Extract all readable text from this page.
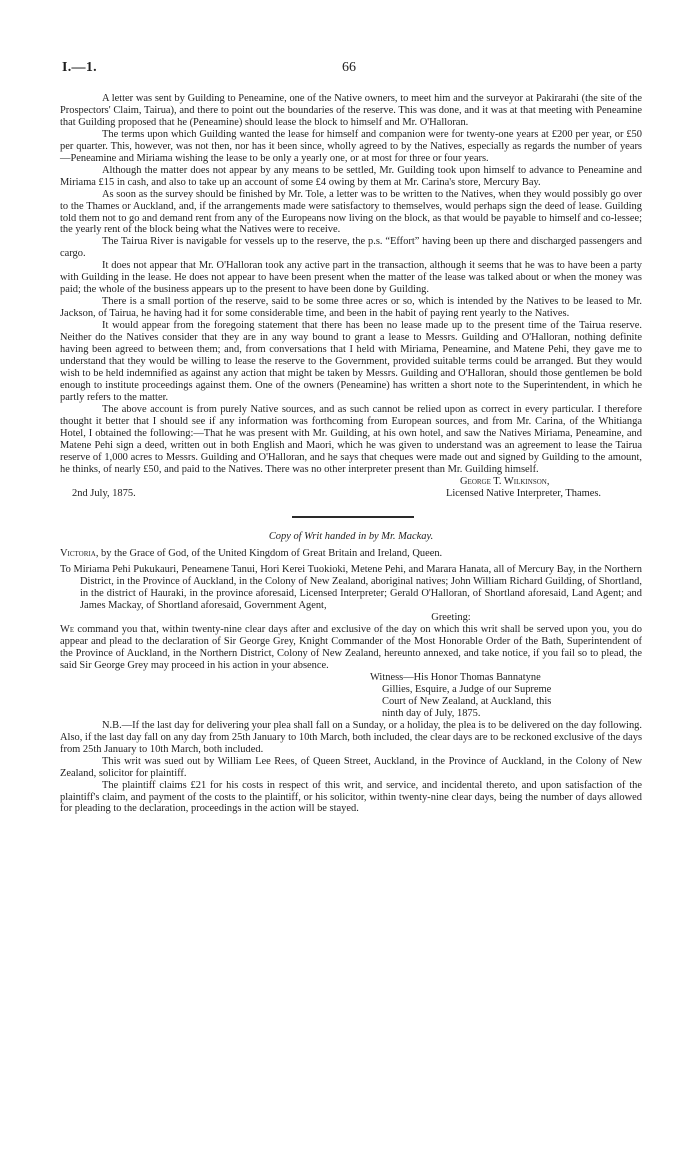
I.—1.	66

A letter was sent by Guilding to Peneamine, one of the Native owners, to meet him and the surveyor at Pakirarahi (the site of the Prospectors' Claim, Tairua), and there to point out the boundaries of the reserve. This was done, and it was at that meeting with Peneamine that Guilding proposed that he (Peneamine) should lease the block to himself and Mr. O'Halloran.

The terms upon which Guilding wanted the lease for himself and companion were for twenty-one years at £200 per year, or £50 per quarter. This, however, was not then, nor has it been since, wholly agreed to by the Natives, especially as regards the number of years—Peneamine and Miriama wishing the lease to be only a yearly one, or at most for three or four years.

Although the matter does not appear by any means to be settled, Mr. Guilding took upon himself to advance to Peneamine and Miriama £15 in cash, and also to take up an account of some £4 owing by them at Mr. Carina's store, Mercury Bay.

As soon as the survey should be finished by Mr. Tole, a letter was to be written to the Natives, when they would possibly go over to the Thames or Auckland, and, if the arrangements made were satisfactory to themselves, would perhaps sign the deed of lease. Guilding told them not to go and demand rent from any of the Europeans now living on the block, as that would be payable to himself and co-lessee; the yearly rent of the block being what the Natives were to receive.

The Tairua River is navigable for vessels up to the reserve, the p.s. “Effort” having been up there and discharged passengers and cargo.

It does not appear that Mr. O'Halloran took any active part in the transaction, although it seems that he was to have been a party with Guilding in the lease. He does not appear to have been present when the matter of the lease was talked about or when the money was paid; the whole of the business appears up to the present to have been done by Guilding.

There is a small portion of the reserve, said to be some three acres or so, which is intended by the Natives to be leased to Mr. Jackson, of Tairua, he having had it for some considerable time, and been in the habit of paying rent yearly to the Natives.

It would appear from the foregoing statement that there has been no lease made up to the present time of the Tairua reserve. Neither do the Natives consider that they are in any way bound to grant a lease to Messrs. Guilding and O'Halloran, nothing definite having been agreed to between them; and, from conversations that I held with Miriama, Peneamine, and Matene Pehi, they gave me to understand that they would be willing to lease the reserve to the Government, provided suitable terms could be arranged. But they would wish to be held indemnified as against any action that might be taken by Messrs. Guilding and O'Halloran, should those gentlemen be bold enough to institute proceedings against them. One of the owners (Peneamine) has written a short note to the Superintendent, in which he partly refers to the matter.

The above account is from purely Native sources, and as such cannot be relied upon as correct in every particular. I therefore thought it better that I should see if any information was forthcoming from European sources, and from Mr. Carina, of the Whitianga Hotel, I obtained the following:—That he was present with Mr. Guilding, at his own hotel, and saw the Natives Miriama, Peneamine, and Matene Pehi sign a deed, written out in both English and Maori, which he was given to understand was an agreement to lease the Tairua reserve of 1,000 acres to Messrs. Guilding and O'Halloran, and he says that cheques were made out and signed by Guilding to the amount, he thinks, of nearly £50, and paid to the Natives. There was no other interpreter present than Mr. Guilding himself.

George T. Wilkinson,
2nd July, 1875.	Licensed Native Interpreter, Thames.
Copy of Writ handed in by Mr. Mackay.

Victoria, by the Grace of God, of the United Kingdom of Great Britain and Ireland, Queen.

To Miriama Pehi Pukukauri, Peneamene Tanui, Hori Kerei Tuokioki, Metene Pehi, and Marara Hanata, all of Mercury Bay, in the Northern District, in the Province of Auckland, in the Colony of New Zealand, aboriginal natives; John William Richard Guilding, of Shortland, in the district of Hauraki, in the province aforesaid, Licensed Interpreter; Gerald O'Halloran, of Shortland aforesaid, Land Agent; and James Mackay, of Shortland aforesaid, Government Agent,

Greeting:

We command you that, within twenty-nine clear days after and exclusive of the day on which this writ shall be served upon you, you do appear and plead to the declaration of Sir George Grey, Knight Commander of the Most Honorable Order of the Bath, Superintendent of the Province of Auckland, in the Northern District, Colony of New Zealand, hereunto annexed, and take notice, if you fail so to plead, the said Sir George Grey may proceed in his action in your absence.

Witness—His Honor Thomas Bannatyne
Gillies, Esquire, a Judge of our Supreme
Court of New Zealand, at Auckland, this
ninth day of July, 1875.

N.B.—If the last day for delivering your plea shall fall on a Sunday, or a holiday, the plea is to be delivered on the day following. Also, if the last day fall on any day from 25th January to 10th March, both included, the clear days are to be reckoned exclusive of the days from 25th January to 10th March, both included.

This writ was sued out by William Lee Rees, of Queen Street, Auckland, in the Province of Auckland, in the Colony of New Zealand, solicitor for plaintiff.

The plaintiff claims £21 for his costs in respect of this writ, and service, and incidental thereto, and upon satisfaction of the plaintiff's claim, and payment of the costs to the plaintiff, or his solicitor, within twenty-nine clear days, being the number of days allowed for pleading to the declaration, proceedings in the action will be stayed.
